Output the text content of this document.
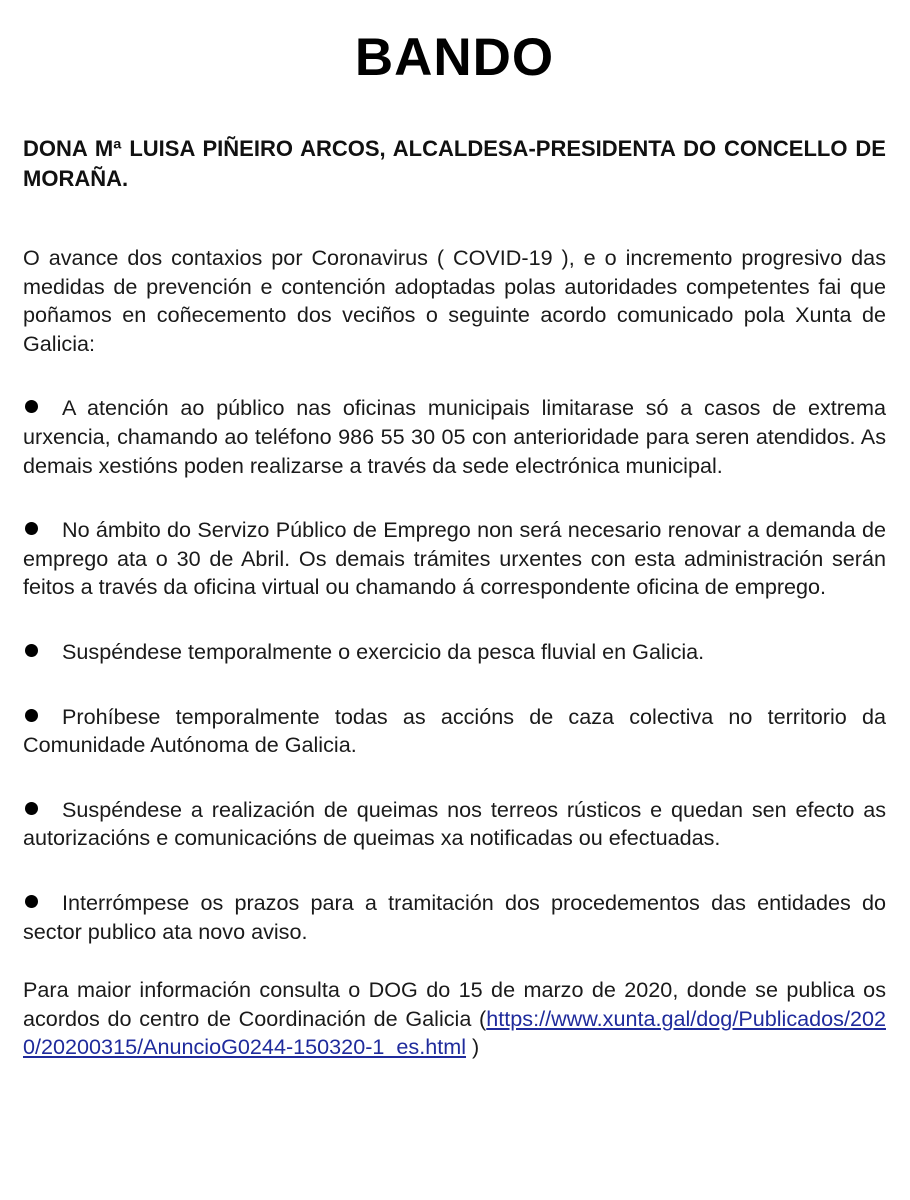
BANDO

DONA Mª LUISA PIÑEIRO ARCOS, ALCALDESA-PRESIDENTA DO CONCELLO DE MORAÑA.

O avance dos contaxios por Coronavirus ( COVID-19 ), e o incremento progresivo das medidas de prevención e contención adoptadas polas autoridades competentes fai que poñamos en coñecemento dos veciños o seguinte acordo comunicado pola Xunta de Galicia:

A atención ao público nas oficinas municipais limitarase só a casos de extrema urxencia, chamando ao teléfono 986 55 30 05 con anterioridade para seren atendidos. As demais xestións poden realizarse a través da sede electrónica municipal.

No ámbito do Servizo Público de Emprego non será necesario renovar a demanda de emprego ata o 30 de Abril. Os demais trámites urxentes con esta administración serán feitos a través da oficina virtual ou chamando á correspondente oficina de emprego.

Suspéndese temporalmente o exercicio da pesca fluvial en Galicia.

Prohíbese temporalmente todas as accións de caza colectiva no territorio da Comunidade Autónoma de Galicia.

Suspéndese a realización de queimas nos terreos rústicos e quedan sen efecto as autorizacións e comunicacións de queimas xa notificadas ou efectuadas.

Interrómpese os prazos para a tramitación dos procedementos das entidades do sector publico ata novo aviso.

Para maior información consulta o DOG do 15 de marzo de 2020, donde se publica os acordos do centro de Coordinación de Galicia (https://www.xunta.gal/dog/Publicados/2020/20200315/AnuncioG0244-150320-1_es.html )
